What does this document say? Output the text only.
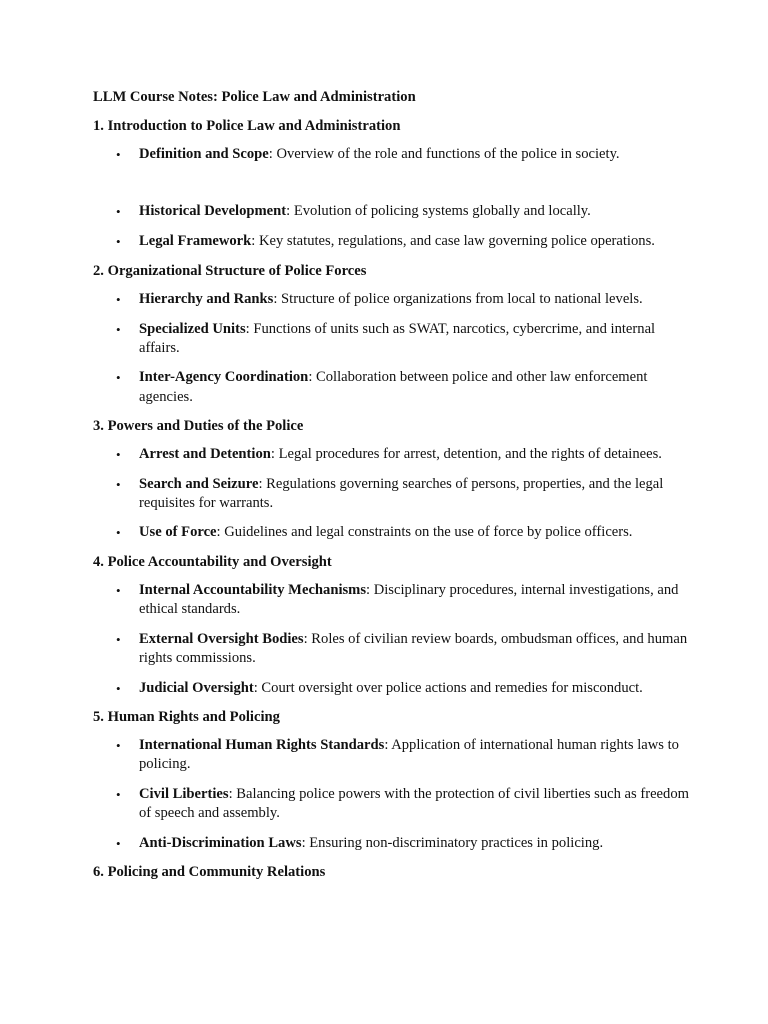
LLM Course Notes: Police Law and Administration

1. Introduction to Police Law and Administration

• Definition and Scope: Overview of the role and functions of the police in society.
• Historical Development: Evolution of policing systems globally and locally.
• Legal Framework: Key statutes, regulations, and case law governing police operations.

2. Organizational Structure of Police Forces

• Hierarchy and Ranks: Structure of police organizations from local to national levels.
• Specialized Units: Functions of units such as SWAT, narcotics, cybercrime, and internal affairs.
• Inter-Agency Coordination: Collaboration between police and other law enforcement agencies.

3. Powers and Duties of the Police

• Arrest and Detention: Legal procedures for arrest, detention, and the rights of detainees.
• Search and Seizure: Regulations governing searches of persons, properties, and the legal requisites for warrants.
• Use of Force: Guidelines and legal constraints on the use of force by police officers.

4. Police Accountability and Oversight

• Internal Accountability Mechanisms: Disciplinary procedures, internal investigations, and ethical standards.
• External Oversight Bodies: Roles of civilian review boards, ombudsman offices, and human rights commissions.
• Judicial Oversight: Court oversight over police actions and remedies for misconduct.

5. Human Rights and Policing

• International Human Rights Standards: Application of international human rights laws to policing.
• Civil Liberties: Balancing police powers with the protection of civil liberties such as freedom of speech and assembly.
• Anti-Discrimination Laws: Ensuring non-discriminatory practices in policing.

6. Policing and Community Relations
